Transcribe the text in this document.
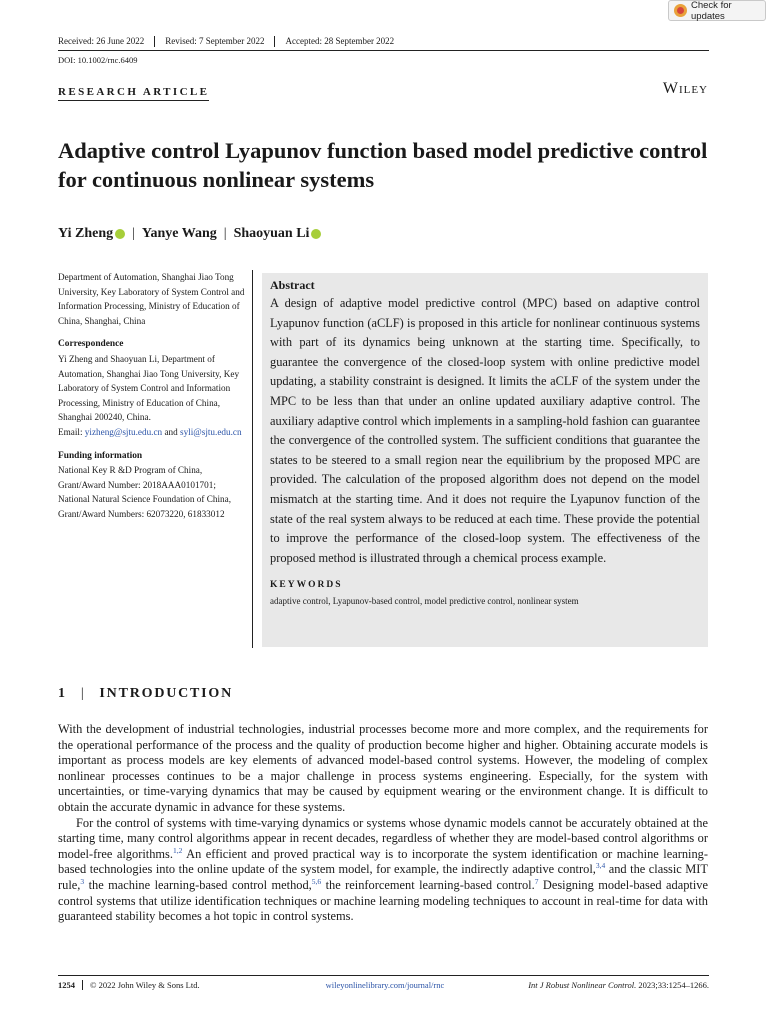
Check for updates
Received: 26 June 2022	Revised: 7 September 2022	Accepted: 28 September 2022
DOI: 10.1002/rnc.6409
RESEARCH ARTICLE	Wiley
Adaptive control Lyapunov function based model predictive control for continuous nonlinear systems
Yi Zheng	| Yanye Wang | Shaoyuan Li

Department of Automation, Shanghai Jiao Tong University, Key Laboratory of System Control and Information Processing, Ministry of Education of China, Shanghai, China

Correspondence

Yi Zheng and Shaoyuan Li, Department of Automation, Shanghai Jiao Tong University, Key Laboratory of System Control and Information Processing, Ministry of Education of China, Shanghai 200240, China.
Email: yizheng@sjtu.edu.cn and syli@sjtu.edu.cn

Funding information

National Key R &D Program of China, Grant/Award Number: 2018AAA0101701; National Natural Science Foundation of China, Grant/Award Numbers: 62073220, 61833012

Abstract

A design of adaptive model predictive control (MPC) based on adaptive control Lyapunov function (aCLF) is proposed in this article for nonlinear continuous systems with part of its dynamics being unknown at the starting time. Specifically, to guarantee the convergence of the closed-loop system with online predictive model updating, a stability constraint is designed. It limits the aCLF of the system under the MPC to be less than that under an online updated auxiliary adaptive control. The auxiliary adaptive control which implements in a sampling-hold fashion can guarantee the convergence of the controlled system. The sufficient conditions that guarantee the states to be steered to a small region near the equilibrium by the proposed MPC are provided. The calculation of the proposed algorithm does not depend on the model mismatch at the starting time. And it does not require the Lyapunov function of the state of the real system always to be reduced at each time. These provide the potential to improve the performance of the closed-loop system. The effectiveness of the proposed method is illustrated through a chemical process example.

KEYWORDS
adaptive control, Lyapunov-based control, model predictive control, nonlinear system
1	|	INTRODUCTION

With the development of industrial technologies, industrial processes become more and more complex, and the requirements for the operational performance of the process and the quality of production become higher and higher. Obtaining accurate models is important as process models are key elements of advanced model-based control systems. However, the modeling of complex nonlinear processes continues to be a major challenge in process systems engineering. Especially, for the system with uncertainties, or time-varying dynamics that may be caused by equipment wearing or the environment change. It is difficult to obtain the accurate dynamic in advance for these systems.

For the control of systems with time-varying dynamics or systems whose dynamic models cannot be accurately obtained at the starting time, many control algorithms appear in recent decades, regardless of whether they are model-based control algorithms or model-free algorithms.$^{1,2}$ An efficient and proved practical way is to incorporate the system identification or machine learning-based technologies into the online update of the system model, for example, the indirectly adaptive control,$^{3,4}$ and the classic MIT rule,$^3$ the machine learning-based control method,$^{5,6}$ the reinforcement learning-based control.$^7$ Designing model-based adaptive control systems that utilize identification techniques or machine learning modeling techniques to account in real-time for data with guaranteed stability becomes a hot topic in control systems.

1254	© 2022 John Wiley & Sons Ltd.	wileyonlinelibrary.com/journal/rnc	Int J Robust Nonlinear Control. 2023;33:1254–1266.
